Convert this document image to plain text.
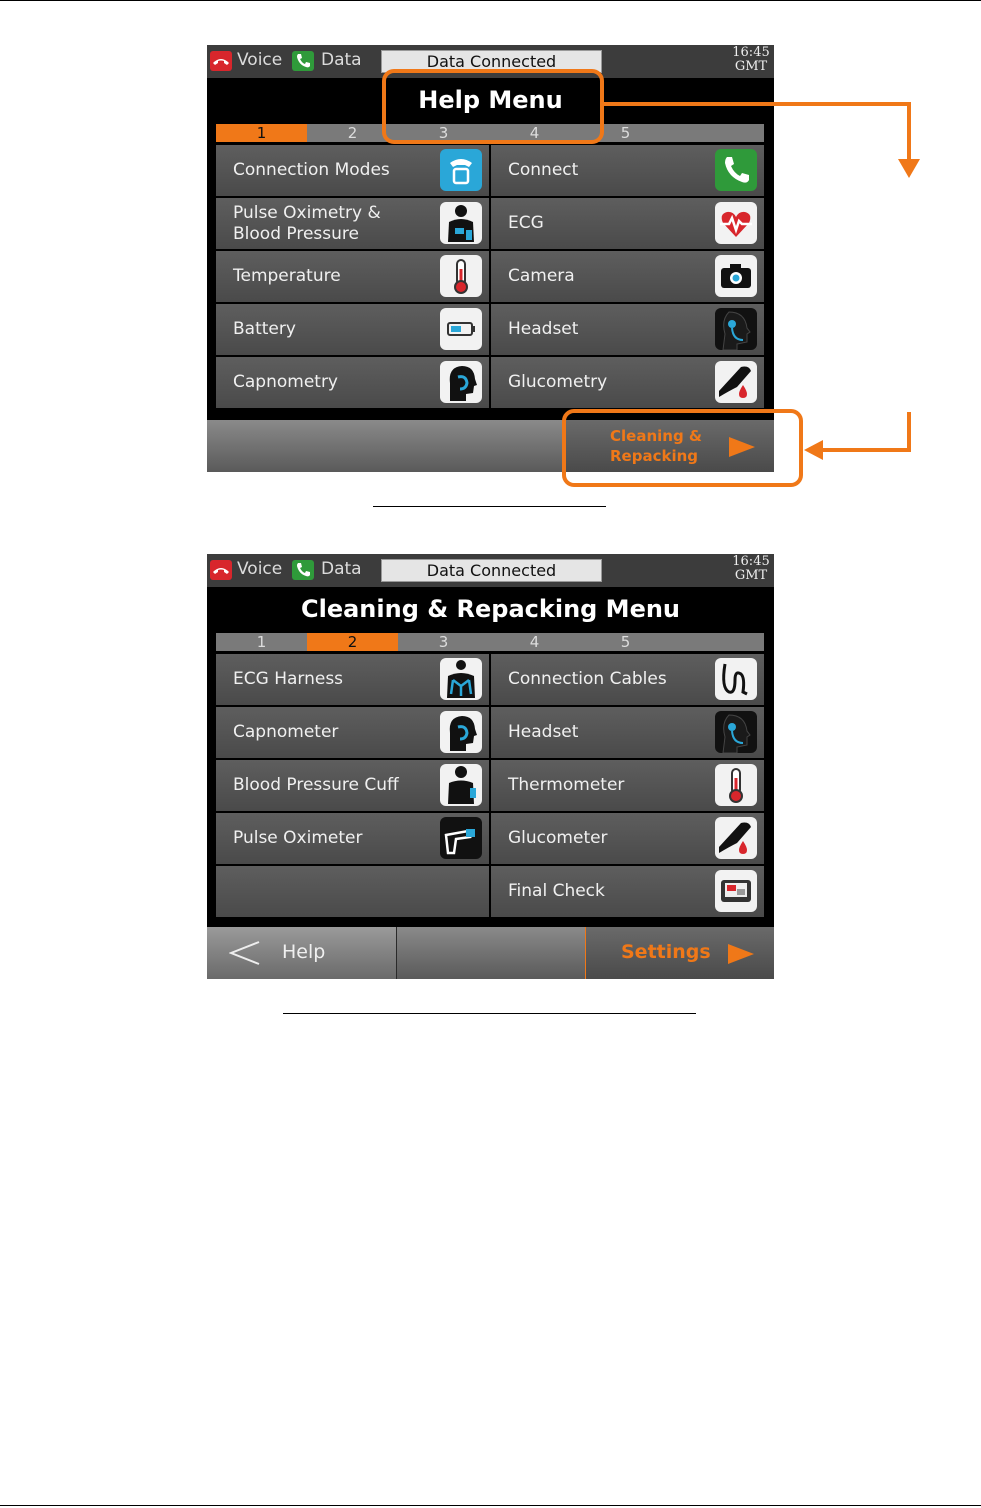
Voice Data	Data Connected	16:45
GMT
Help Menu
1	2	3	4	5
Connection Modes	Connect
Pulse Oximetry &
Blood Pressure
ECG
Temperature	Camera
Battery	Headset
Capnometry	Glucometry
Cleaning &
Repacking
Voice Data	Data Connected	16:45
GMT
Cleaning & Repacking Menu
1	2	3	4	5
ECG Harness	Connection Cables
Capnometer	Headset
Blood Pressure Cuff	Thermometer
Pulse Oximeter	Glucometer
Final Check
Help	Settings
